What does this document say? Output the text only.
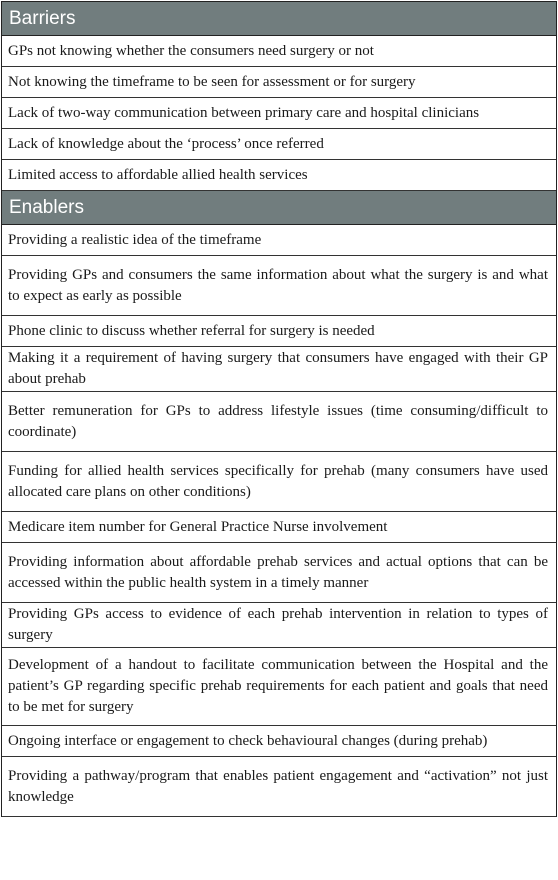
Barriers
GPs not knowing whether the consumers need surgery or not
Not knowing the timeframe to be seen for assessment or for surgery
Lack of two-way communication between primary care and hospital clinicians
Lack of knowledge about the ‘process’ once referred
Limited access to affordable allied health services
Enablers
Providing a realistic idea of the timeframe
Providing GPs and consumers the same information about what the surgery is and what to expect as early as possible
Phone clinic to discuss whether referral for surgery is needed
Making it a requirement of having surgery that consumers have engaged with their GP about prehab
Better remuneration for GPs to address lifestyle issues (time consuming/difficult to coordinate)
Funding for allied health services specifically for prehab (many consumers have used allocated care plans on other conditions)
Medicare item number for General Practice Nurse involvement
Providing information about affordable prehab services and actual options that can be accessed within the public health system in a timely manner
Providing GPs access to evidence of each prehab intervention in relation to types of surgery
Development of a handout to facilitate communication between the Hospital and the patient’s GP regarding specific prehab requirements for each patient and goals that need to be met for surgery
Ongoing interface or engagement to check behavioural changes (during prehab)
Providing a pathway/program that enables patient engagement and “activation” not just knowledge
